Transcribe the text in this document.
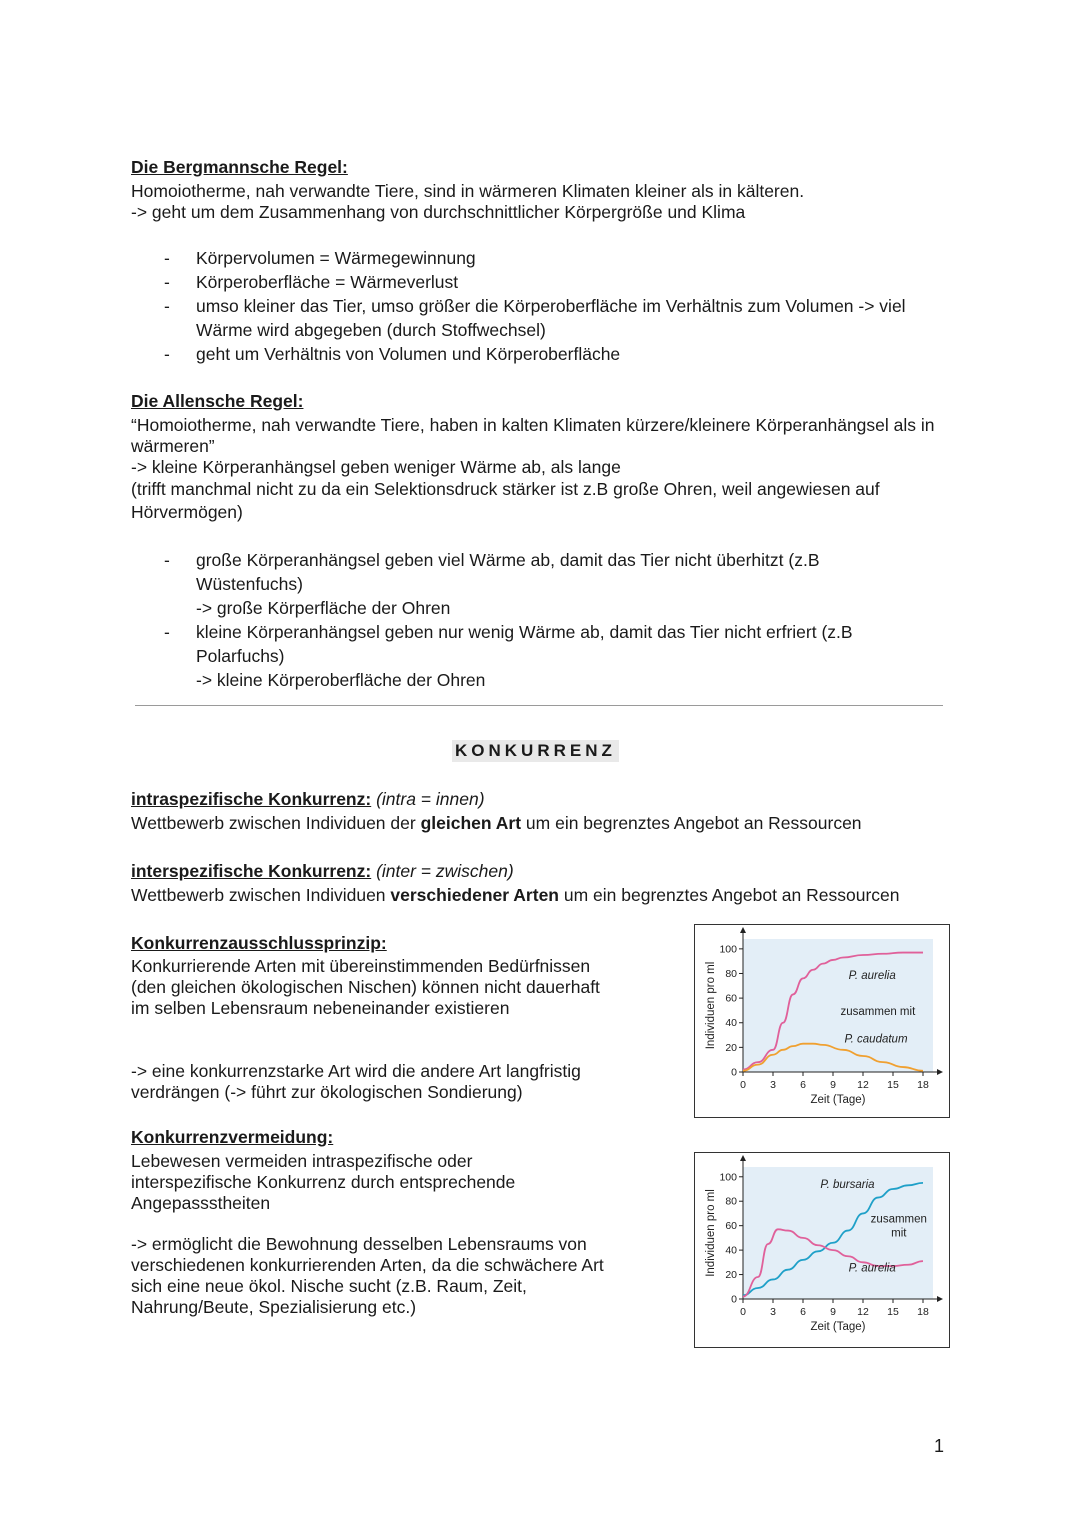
Die Bergmannsche Regel:
Homoiotherme, nah verwandte Tiere, sind in wärmeren Klimaten kleiner als in kälteren.
-> geht um dem Zusammenhang von durchschnittlicher Körpergröße und Klima
- Körpervolumen = Wärmegewinnung
- Körperoberfläche = Wärmeverlust
- umso kleiner das Tier, umso größer die Körperoberfläche im Verhältnis zum Volumen -> viel Wärme wird abgegeben (durch Stoffwechsel)
- geht um Verhältnis von Volumen und Körperoberfläche
Die Allensche Regel:
“Homoiotherme, nah verwandte Tiere, haben in kalten Klimaten kürzere/kleinere Körperanhängsel als in wärmeren”
-> kleine Körperanhängsel geben weniger Wärme ab, als lange
(trifft manchmal nicht zu da ein Selektionsdruck stärker ist z.B große Ohren, weil angewiesen auf Hörvermögen)
- große Körperanhängsel geben viel Wärme ab, damit das Tier nicht überhitzt (z.B Wüstenfuchs)
-> große Körperfläche der Ohren
- kleine Körperanhängsel geben nur wenig Wärme ab, damit das Tier nicht erfriert (z.B Polarfuchs)
-> kleine Körperoberfläche der Ohren
KONKURRENZ
intraspezifische Konkurrenz: (intra = innen)
Wettbewerb zwischen Individuen der gleichen Art um ein begrenztes Angebot an Ressourcen
interspezifische Konkurrenz: (inter = zwischen)
Wettbewerb zwischen Individuen verschiedener Arten um ein begrenztes Angebot an Ressourcen
Konkurrenzausschlussprinzip:
Konkurrierende Arten mit übereinstimmenden Bedürfnissen (den gleichen ökologischen Nischen) können nicht dauerhaft im selben Lebensraum nebeneinander existieren
-> eine konkurrenzstarke Art wird die andere Art langfristig verdrängen (-> führt zur ökologischen Sondierung)
Konkurrenzvermeidung:
Lebewesen vermeiden intraspezifische oder interspezifische Konkurrenz durch entsprechende Angepassstheiten
-> ermöglicht die Bewohnung desselben Lebensraums von verschiedenen konkurrierenden Arten, da die schwächere Art sich eine neue ökol. Nische sucht (z.B. Raum, Zeit, Nahrung/Beute, Spezialisierung etc.)
0
20
40
60
80
100
0 3 6 9 12 15 18
Zeit (Tage)
Individuen pro ml	P. aurelia
zusammen mit
P. caudatum
0
20
40
60
80
100
0 3 6 9 12 15 18
Zeit (Tage)
Individuen pro ml
P. bursaria
zusammen
mit
P. aurelia
1
